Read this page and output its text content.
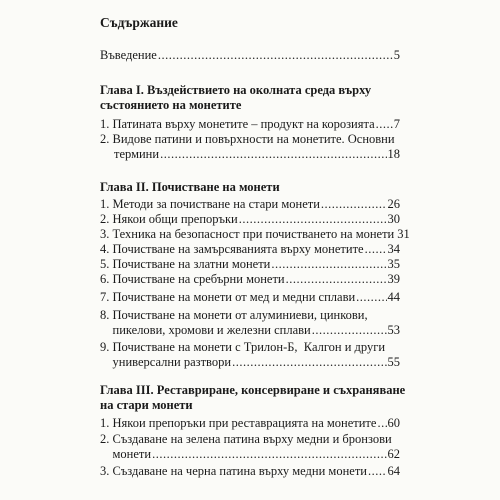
Съдържание
Въведение .....	5
Глава I. Въздействието на околната среда върху
състоянието на монетите
1. Патината върху монетите – продукт на корозията ..... 7
2. Видове патини и повърхности на монетите. Основни
термини .....	18
Глава II. Почистване на монети
1. Методи за почистване на стари монети .....	26
2. Някои общи препоръки .....	30
3. Техника на безопасност при почистването на монети 31
4. Почистване на замърсяванията върху монетите ..... 34
5. Почистване на златни монети .....	35
6. Почистване на сребърни монети .....	39
7. Почистване на монети от мед и медни сплави .....	44
8. Почистване на монети от алуминиеви, цинкови,
пикелови, хромови и железни сплави .....	53
9. Почистване на монети с Трилон-Б,  Калгон и други
универсални разтвори .....	55
Глава III. Реставриране, консервиране и съхраняване
на стари монети
1. Някои препоръки при реставрацията на монетите ..... 60
2. Създаване на зелена патина върху медни и бронзови
монети .....	62
3. Създаване на черна патина върху медни монети ..... 64
